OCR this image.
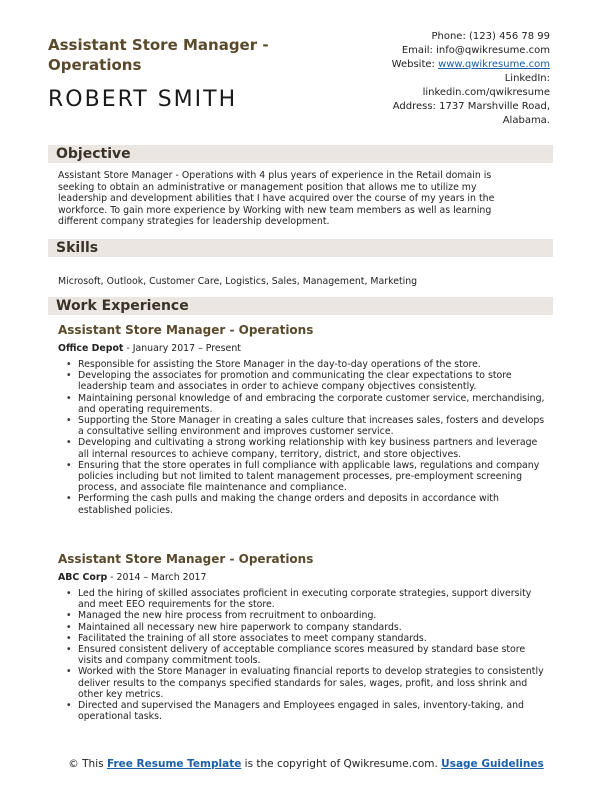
Assistant Store Manager - Operations
ROBERT SMITH
Phone: (123) 456 78 99
Email: info@qwikresume.com
Website: www.qwikresume.com
LinkedIn:
linkedin.com/qwikresume
Address: 1737 Marshville Road,
Alabama.
Objective
Assistant Store Manager - Operations with 4 plus years of experience in the Retail domain is seeking to obtain an administrative or management position that allows me to utilize my leadership and development abilities that I have acquired over the course of my years in the workforce. To gain more experience by Working with new team members as well as learning different company strategies for leadership development.
Skills
Microsoft, Outlook, Customer Care, Logistics, Sales, Management, Marketing
Work Experience
Assistant Store Manager - Operations
Office Depot - January 2017 – Present
• Responsible for assisting the Store Manager in the day-to-day operations of the store.
• Developing the associates for promotion and communicating the clear expectations to store leadership team and associates in order to achieve company objectives consistently.
• Maintaining personal knowledge of and embracing the corporate customer service, merchandising, and operating requirements.
• Supporting the Store Manager in creating a sales culture that increases sales, fosters and develops a consultative selling environment and improves customer service.
• Developing and cultivating a strong working relationship with key business partners and leverage all internal resources to achieve company, territory, district, and store objectives.
• Ensuring that the store operates in full compliance with applicable laws, regulations and company policies including but not limited to talent management processes, pre-employment screening process, and associate file maintenance and compliance.
• Performing the cash pulls and making the change orders and deposits in accordance with established policies.
Assistant Store Manager - Operations
ABC Corp - 2014 – March 2017
• Led the hiring of skilled associates proficient in executing corporate strategies, support diversity and meet EEO requirements for the store.
• Managed the new hire process from recruitment to onboarding.
• Maintained all necessary new hire paperwork to company standards.
• Facilitated the training of all store associates to meet company standards.
• Ensured consistent delivery of acceptable compliance scores measured by standard base store visits and company commitment tools.
• Worked with the Store Manager in evaluating financial reports to develop strategies to consistently deliver results to the companys specified standards for sales, wages, profit, and loss shrink and other key metrics.
• Directed and supervised the Managers and Employees engaged in sales, inventory-taking, and operational tasks.
© This Free Resume Template is the copyright of Qwikresume.com. Usage Guidelines
